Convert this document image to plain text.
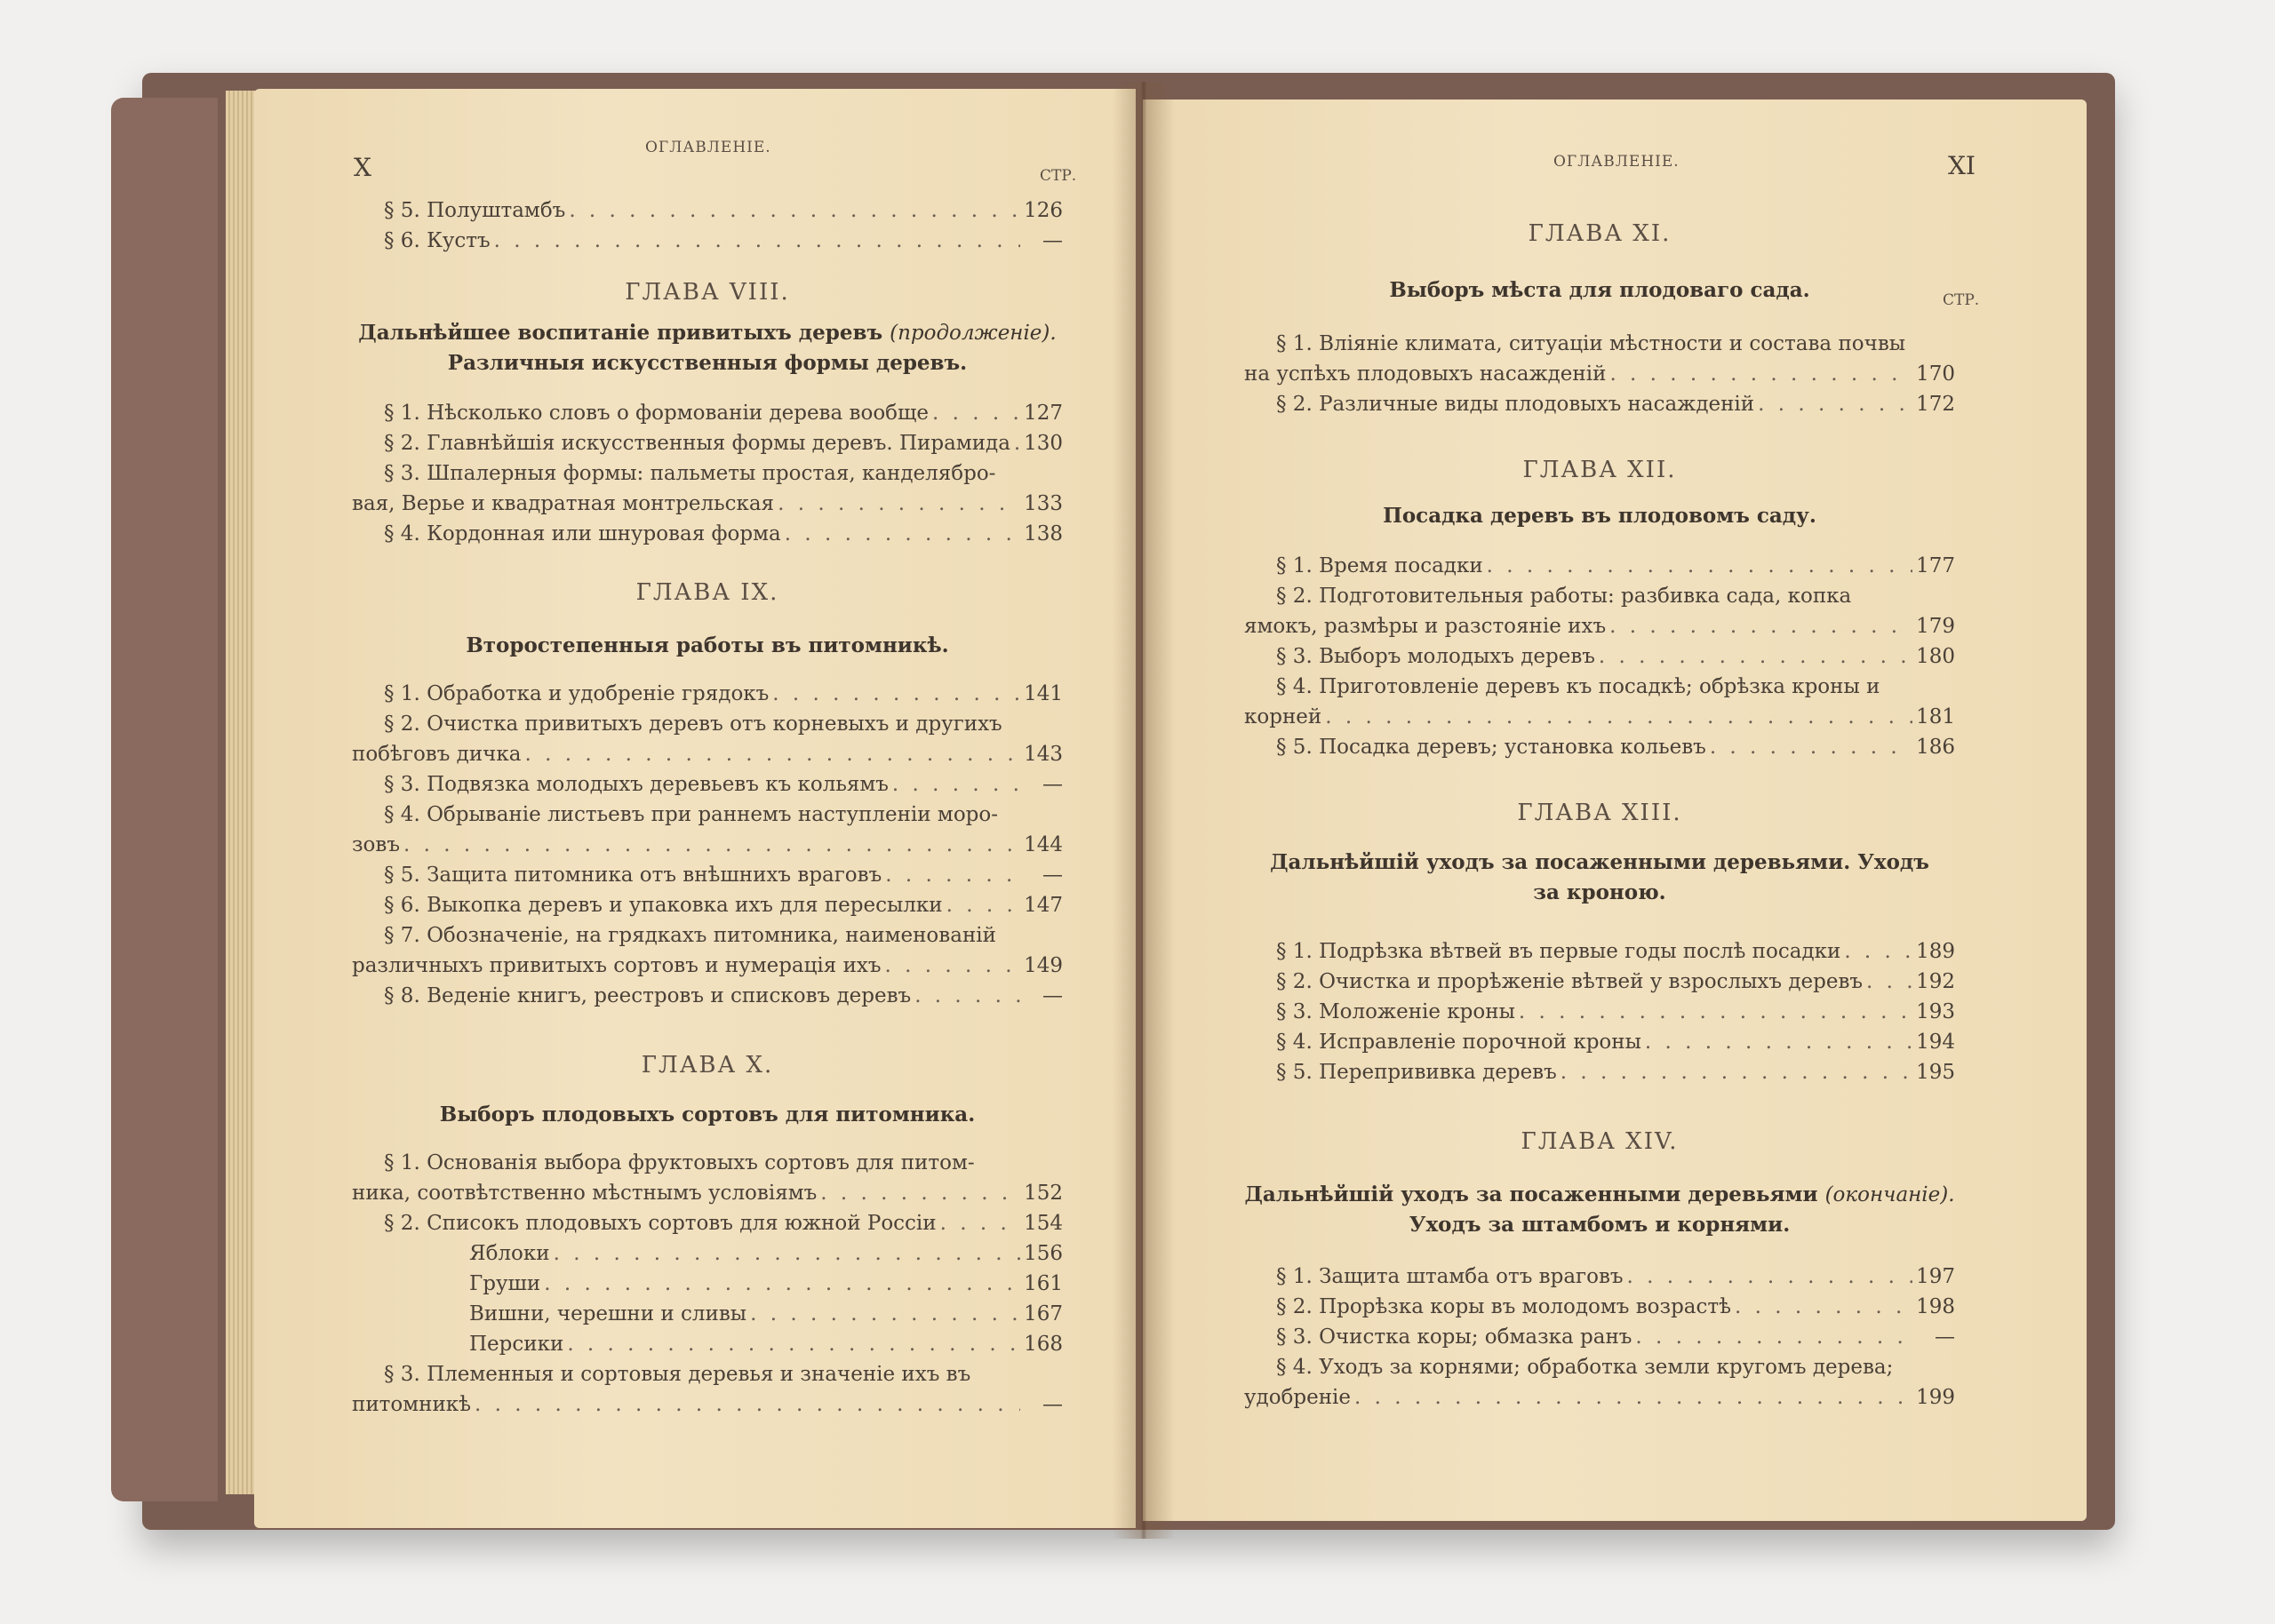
X
ОГЛАВЛЕНІЕ.
СТР.
§ 5. Полуштамбъ . . .	126
§ 6. Кустъ . . .	—
ГЛАВА VIII.
Дальнѣйшее воспитаніе привитыхъ деревъ (продолженіе).
Различныя искусственныя формы деревъ.
§ 1. Нѣсколько словъ о формованіи дерева вообще . . .	127
§ 2. Главнѣйшія искусственныя формы деревъ. Пирамида . . . 130
§ 3. Шпалерныя формы: пальметы простая, канделябро-
вая, Верье и квадратная монтрельская . . .	133
§ 4. Кордонная или шнуровая форма . . .	138
ГЛАВА IX.
Второстепенныя работы въ питомникѣ.
§ 1. Обработка и удобреніе грядокъ . . .	141
§ 2. Очистка привитыхъ деревъ отъ корневыхъ и другихъ
побѣговъ дичка . . .	143
§ 3. Подвязка молодыхъ деревьевъ къ кольямъ . . .	—
§ 4. Обрываніе листьевъ при раннемъ наступленіи моро-
зовъ . . .	144
§ 5. Защита питомника отъ внѣшнихъ враговъ . . .	—
§ 6. Выкопка деревъ и упаковка ихъ для пересылки . . .	147
§ 7. Обозначеніе, на грядкахъ питомника, наименованій
различныхъ привитыхъ сортовъ и нумерація ихъ . . .	149
§ 8. Веденіе книгъ, реестровъ и списковъ деревъ . . .	—
ГЛАВА X.
Выборъ плодовыхъ сортовъ для питомника.
§ 1. Основанія выбора фруктовыхъ сортовъ для питом-
ника, соотвѣтственно мѣстнымъ условіямъ . . .	152
§ 2. Списокъ плодовыхъ сортовъ для южной Россіи . . .	154
Яблоки . . .	156
Груши . . .	161
Вишни, черешни и сливы . . .	167
Персики . . .	168
§ 3. Племенныя и сортовыя деревья и значеніе ихъ въ
питомникѣ . . .	—
ОГЛАВЛЕНІЕ.	XI
ГЛАВА XI.
Выборъ мѣста для плодоваго сада.	СТР.
§ 1. Вліяніе климата, ситуаціи мѣстности и состава почвы
на успѣхъ плодовыхъ насажденій . . .	170
§ 2. Различные виды плодовыхъ насажденій . . .	172
ГЛАВА XII.
Посадка деревъ въ плодовомъ саду.
§ 1. Время посадки . . .	177
§ 2. Подготовительныя работы: разбивка сада, копка
ямокъ, размѣры и разстояніе ихъ . . .	179
§ 3. Выборъ молодыхъ деревъ . . .	180
§ 4. Приготовленіе деревъ къ посадкѣ; обрѣзка кроны и
корней . . .	181
§ 5. Посадка деревъ; установка кольевъ . . .	186
ГЛАВА XIII.
Дальнѣйшій уходъ за посаженными деревьями. Уходъ
за кроною.
§ 1. Подрѣзка вѣтвей въ первые годы послѣ посадки . . .	189
§ 2. Очистка и прорѣженіе вѣтвей у взрослыхъ деревъ . . .	192
§ 3. Моложеніе кроны . . .	193
§ 4. Исправленіе порочной кроны . . .	194
§ 5. Перепрививка деревъ . . .	195
ГЛАВА XIV.
Дальнѣйшій уходъ за посаженными деревьями (окончаніе).
Уходъ за штамбомъ и корнями.
§ 1. Защита штамба отъ враговъ . . .	197
§ 2. Прорѣзка коры въ молодомъ возрастѣ . . .	198
§ 3. Очистка коры; обмазка ранъ . . .	—
§ 4. Уходъ за корнями; обработка земли кругомъ дерева;
удобреніе . . .	199
